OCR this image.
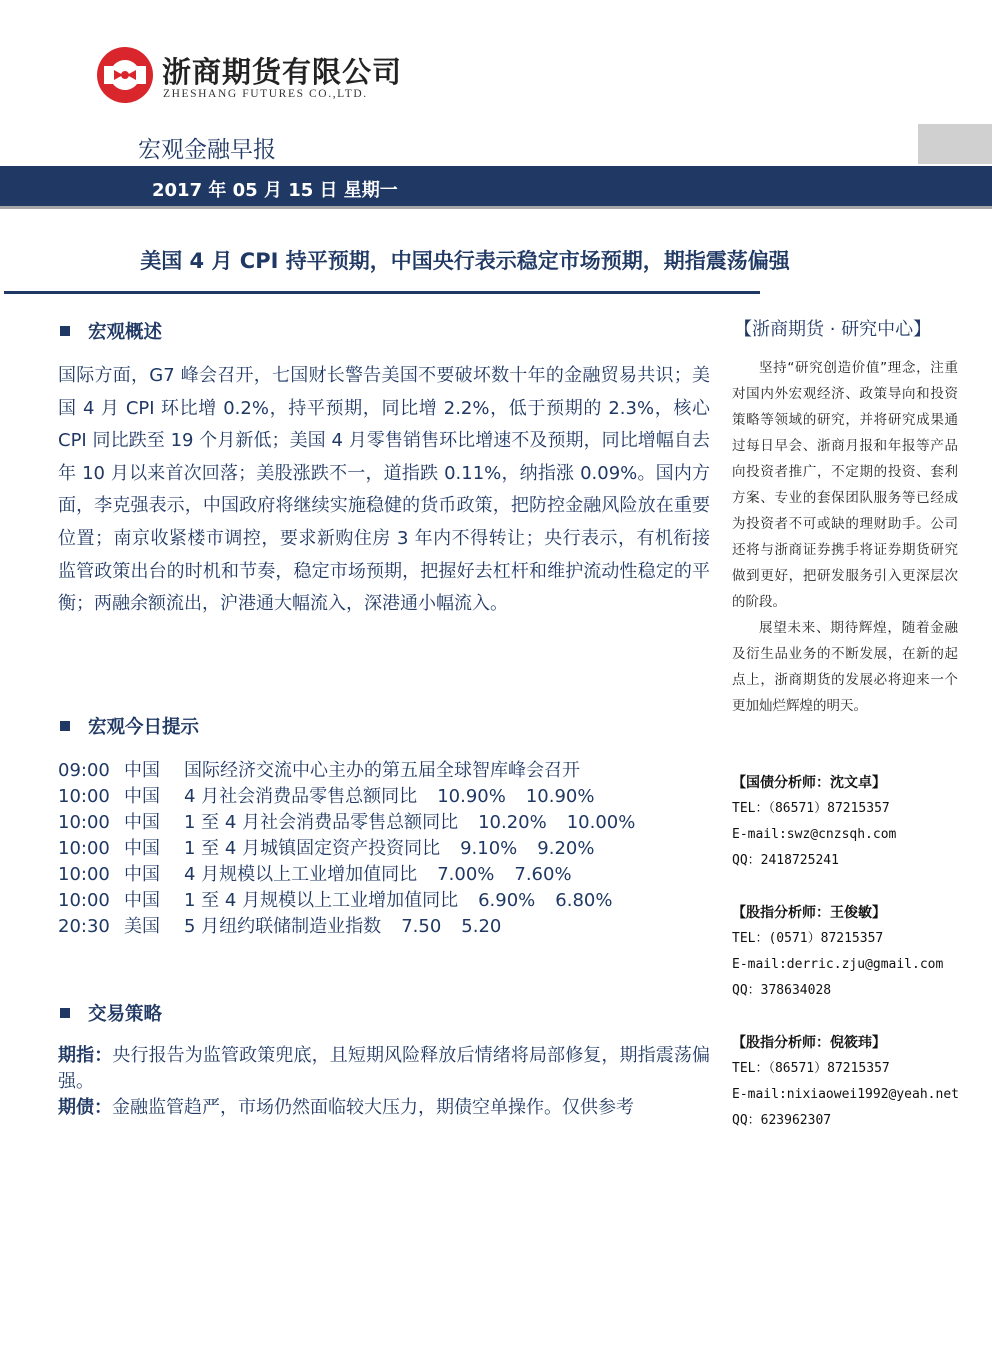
浙商期货有限公司
ZHESHANG FUTURES CO.,LTD.
宏观金融早报
2017 年 05 月 15 日 星期一
美国 4 月 CPI 持平预期，中国央行表示稳定市场预期，期指震荡偏强
宏观概述
国际方面，G7 峰会召开，七国财长警告美国不要破坏数十年的金融贸易共识；美国 4 月 CPI 环比增 0.2%，持平预期，同比增 2.2%，低于预期的 2.3%，核心 CPI 同比跌至 19 个月新低；美国 4 月零售销售环比增速不及预期，同比增幅自去年 10 月以来首次回落；美股涨跌不一，道指跌 0.11%，纳指涨 0.09%。国内方面，李克强表示，中国政府将继续实施稳健的货币政策，把防控金融风险放在重要位置；南京收紧楼市调控，要求新购住房 3 年内不得转让；央行表示，有机衔接监管政策出台的时机和节奏，稳定市场预期，把握好去杠杆和维护流动性稳定的平衡；两融余额流出，沪港通大幅流入，深港通小幅流入。
宏观今日提示
09:00 中国 国际经济交流中心主办的第五届全球智库峰会召开
10:00 中国 4 月社会消费品零售总额同比 10.90% 10.90%
10:00 中国 1 至 4 月社会消费品零售总额同比 10.20% 10.00%
10:00 中国 1 至 4 月城镇固定资产投资同比 9.10% 9.20%
10:00 中国 4 月规模以上工业增加值同比 7.00% 7.60%
10:00 中国 1 至 4 月规模以上工业增加值同比 6.90% 6.80%
20:30 美国 5 月纽约联储制造业指数 7.50 5.20
交易策略
期指：央行报告为监管政策兜底，且短期风险释放后情绪将局部修复，期指震荡偏强。
期债：金融监管趋严，市场仍然面临较大压力，期债空单操作。仅供参考
【浙商期货 · 研究中心】

坚持“研究创造价值”理念，注重对国内外宏观经济、政策导向和投资策略等领域的研究，并将研究成果通过每日早会、浙商月报和年报等产品向投资者推广，不定期的投资、套利方案、专业的套保团队服务等已经成为投资者不可或缺的理财助手。公司还将与浙商证券携手将证券期货研究做到更好，把研发服务引入更深层次的阶段。

展望未来、期待辉煌，随着金融及衍生品业务的不断发展，在新的起点上，浙商期货的发展必将迎来一个更加灿烂辉煌的明天。

【国债分析师：沈文卓】
TEL：（86571）87215357
E-mail:swz@cnzsqh.com
QQ：2418725241
【股指分析师：王俊敏】
TEL：(0571）87215357
E-mail:derric.zju@gmail.com
QQ：378634028
【股指分析师：倪筱玮】
TEL：（86571）87215357
E-mail:nixiaowei1992@yeah.net
QQ：623962307
